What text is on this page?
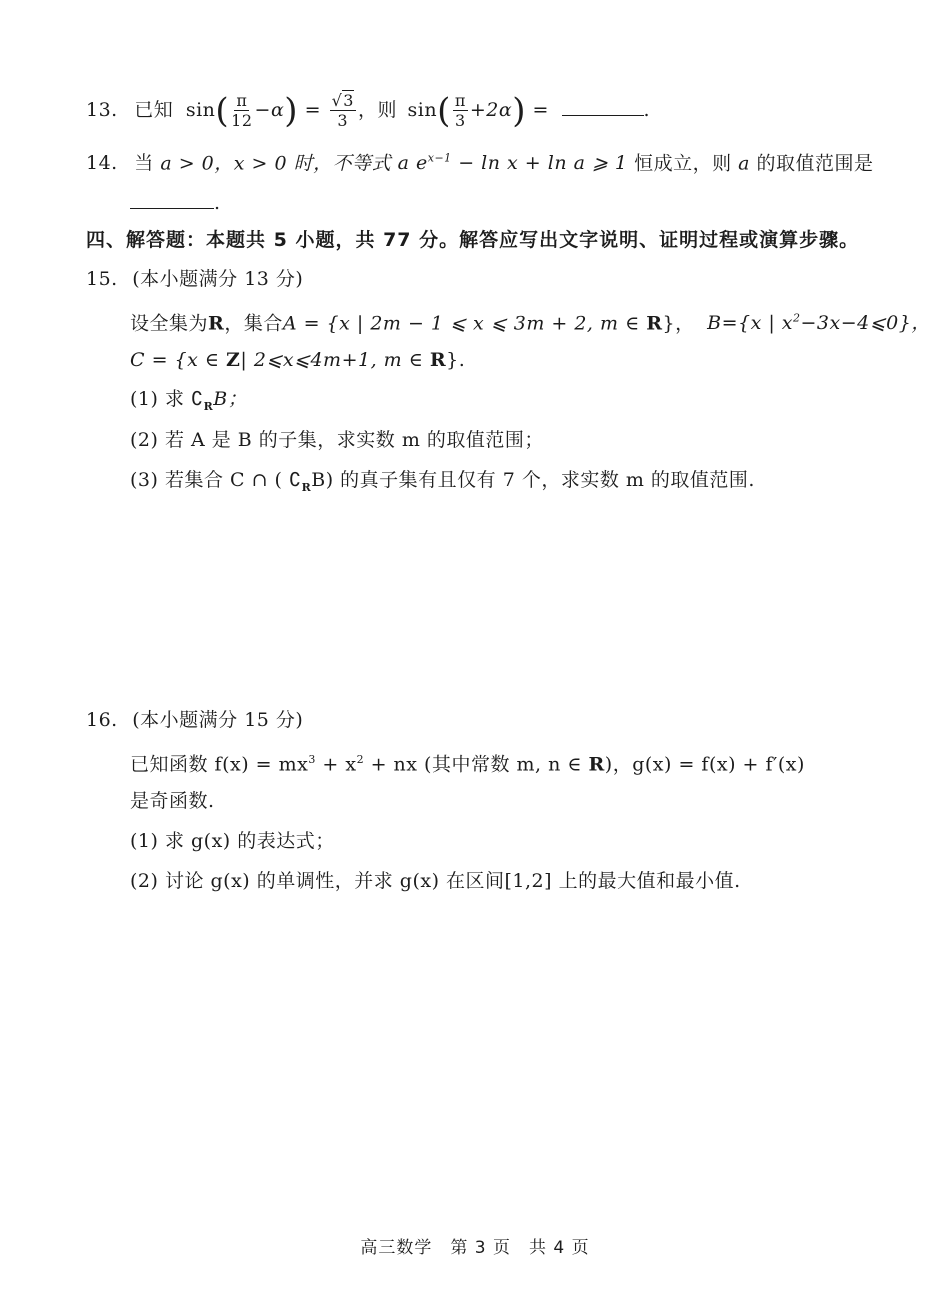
13. 已知 $\sin( \frac{\pi}{12} -\alpha) = \frac{√3}{3}$ ，则 $\sin( \frac{\pi}{3} +2\alpha)$ =	.
14. 当 a > 0，x > 0 时，不等式 a $e^{x-1} - \ln x + \ln a$ ⩾ 1 恒成立，则 a 的取值范围是
.
四、解答题：本题共 5 小题，共 77 分。解答应写出文字说明、证明过程或演算步骤。
15. (本小题满分 13 分)
设全集为R，集合A = {x | 2m − 1 ⩽ x ⩽ 3m + 2, m ∈ R}， B={x | $x^2-3x-4⩽0$}，
C = {x ∈ Z| 2⩽x⩽4m+1, m ∈ R}.
(1) 求 $∁_RB$；
(2) 若 A 是 B 的子集，求实数 m 的取值范围；
(3) 若集合 C ∩ ( $∁_RB$) 的真子集有且仅有 7 个，求实数 m 的取值范围.
16. (本小题满分 15 分)
已知函数 $f(x) = mx^3 + x^2$ + nx (其中常数 m, n ∈ R)，g(x) = f(x) + f′(x)
是奇函数.
(1) 求 g(x) 的表达式；
(2) 讨论 g(x) 的单调性，并求 g(x) 在区间[1,2] 上的最大值和最小值.
高三数学　第 3 页　共 4 页
